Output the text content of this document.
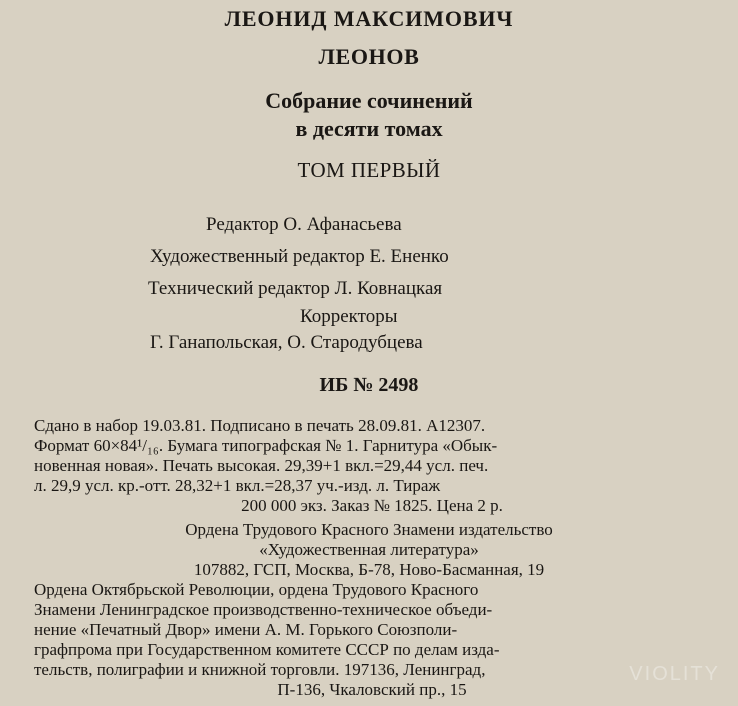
ЛЕОНИД МАКСИМОВИЧ
ЛЕОНОВ
Собрание сочинений
в десяти томах
ТОМ ПЕРВЫЙ
Редактор О. Афанасьева
Художественный редактор Е. Ененко
Технический редактор Л. Ковнацкая
Корректоры
Г. Ганапольская, О. Стародубцева
ИБ № 2498
Сдано в набор 19.03.81. Подписано в печать 28.09.81. А12307.
Формат 60×84¹/₁₆. Бумага типографская № 1. Гарнитура «Обык-
новенная новая». Печать высокая. 29,39+1 вкл.=29,44 усл. печ.
л. 29,9 усл. кр.-отт. 28,32+1 вкл.=28,37 уч.-изд. л. Тираж
200 000 экз. Заказ № 1825. Цена 2 р.
Ордена Трудового Красного Знамени издательство
«Художественная литература»
107882, ГСП, Москва, Б-78, Ново-Басманная, 19
Ордена Октябрьской Революции, ордена Трудового Красного
Знамени Ленинградское производственно-техническое объеди-
нение «Печатный Двор» имени А. М. Горького Союзполи-
графпрома при Государственном комитете СССР по делам изда-
тельств, полиграфии и книжной торговли. 197136, Ленинград,
П-136, Чкаловский пр., 15
VIOLITY
